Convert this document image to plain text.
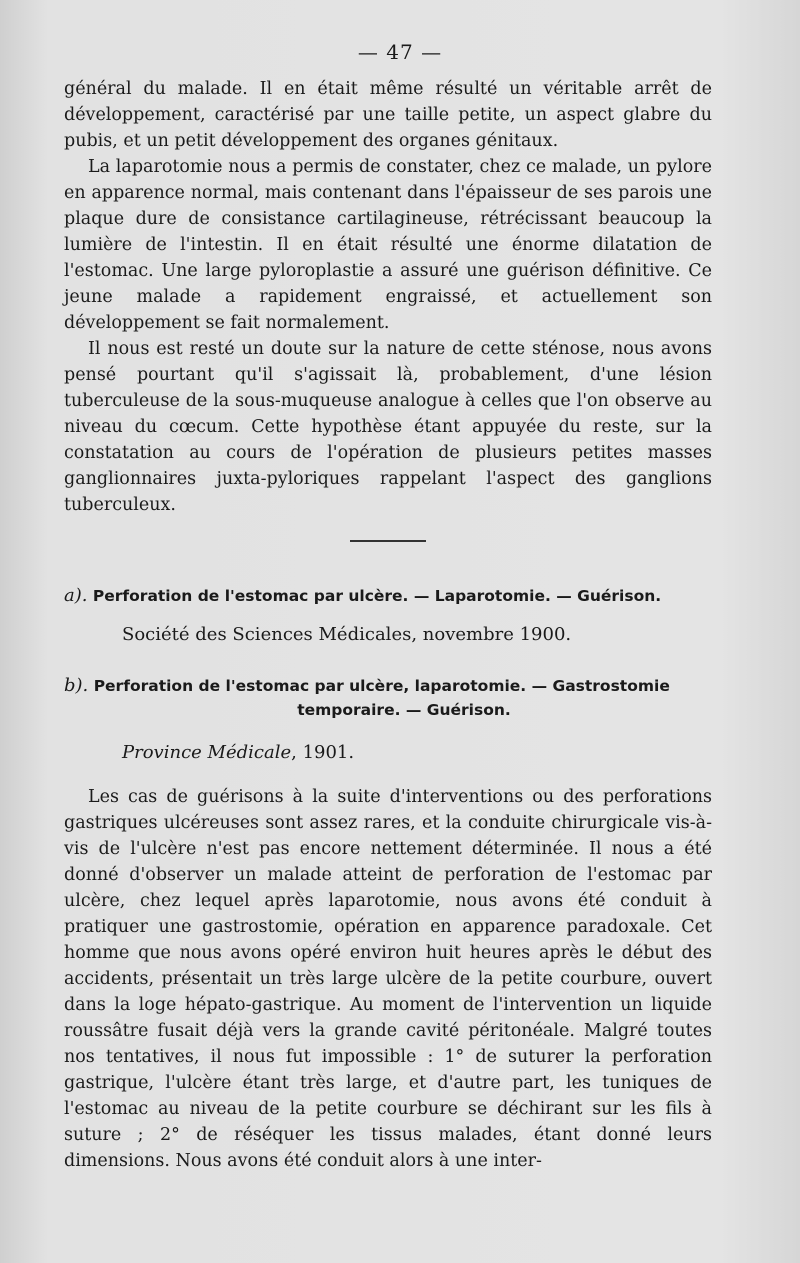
— 47 —

général du malade. Il en était même résulté un véritable arrêt de développement, caractérisé par une taille petite, un aspect glabre du pubis, et un petit développement des organes génitaux.

La laparotomie nous a permis de constater, chez ce malade, un pylore en apparence normal, mais contenant dans l'épaisseur de ses parois une plaque dure de consistance cartilagineuse, rétrécissant beaucoup la lumière de l'intestin. Il en était résulté une énorme dilatation de l'estomac. Une large pyloroplastie a assuré une guérison définitive. Ce jeune malade a rapidement engraissé, et actuellement son développement se fait normalement.

Il nous est resté un doute sur la nature de cette sténose, nous avons pensé pourtant qu'il s'agissait là, probablement, d'une lésion tuberculeuse de la sous-muqueuse analogue à celles que l'on observe au niveau du cœcum. Cette hypothèse étant appuyée du reste, sur la constatation au cours de l'opération de plusieurs petites masses ganglionnaires juxta-pyloriques rappelant l'aspect des ganglions tuberculeux.

a). Perforation de l'estomac par ulcère. — Laparotomie. — Guérison.
Société des Sciences Médicales, novembre 1900.
b). Perforation de l'estomac par ulcère, laparotomie. — Gastrostomie
temporaire. — Guérison.
Province Médicale, 1901.

Les cas de guérisons à la suite d'interventions ou des perforations gastriques ulcéreuses sont assez rares, et la conduite chirurgicale vis-à-vis de l'ulcère n'est pas encore nettement déterminée. Il nous a été donné d'observer un malade atteint de perforation de l'estomac par ulcère, chez lequel après laparotomie, nous avons été conduit à pratiquer une gastrostomie, opération en apparence paradoxale. Cet homme que nous avons opéré environ huit heures après le début des accidents, présentait un très large ulcère de la petite courbure, ouvert dans la loge hépato-gastrique. Au moment de l'intervention un liquide roussâtre fusait déjà vers la grande cavité péritonéale. Malgré toutes nos tentatives, il nous fut impossible : 1° de suturer la perforation gastrique, l'ulcère étant très large, et d'autre part, les tuniques de l'estomac au niveau de la petite courbure se déchirant sur les fils à suture ; 2° de réséquer les tissus malades, étant donné leurs dimensions. Nous avons été conduit alors à une inter-
